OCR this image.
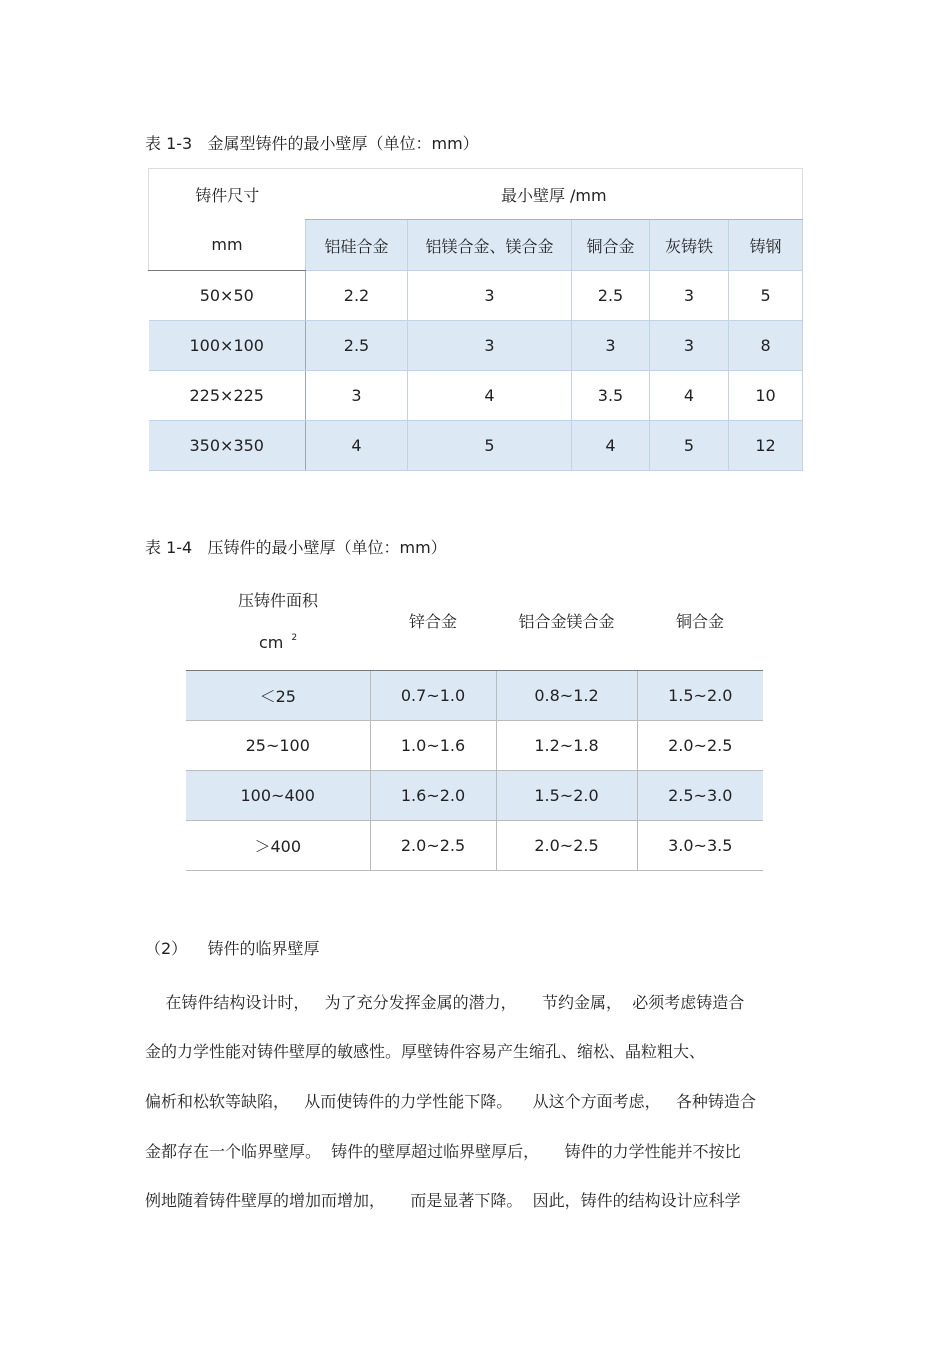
表 1-3   金属型铸件的最小壁厚（单位：mm）
铸件尺寸	最小壁厚 /mm				
mm	铝硅合金	铝镁合金、镁合金	铜合金	灰铸铁	铸钢
50×50	2.2	3	2.5	3	5
100×100	2.5	3	3	3	8
225×225	3	4	3.5	4	10
350×350	4	5	4	5	12
表 1-4   压铸件的最小壁厚（单位：mm）
压铸件面积
cm $^2$	锌合金	铝合金镁合金	铜合金
＜25	0.7~1.0	0.8~1.2	1.5~2.0
25~100	1.0~1.6	1.2~1.8	2.0~2.5
100~400	1.6~2.0	1.5~2.0	2.5~3.0
＞400	2.0~2.5	2.0~2.5	3.0~3.5
（2）    铸件的临界壁厚
在铸件结构设计时，   为了充分发挥金属的潜力，     节约金属，  必须考虑铸造合
金的力学性能对铸件壁厚的敏感性。厚壁铸件容易产生缩孔、缩松、晶粒粗大、
偏析和松软等缺陷，   从而使铸件的力学性能下降。    从这个方面考虑，   各种铸造合
金都存在一个临界壁厚。  铸件的壁厚超过临界壁厚后，     铸件的力学性能并不按比
例地随着铸件壁厚的增加而增加，     而是显著下降。  因此，铸件的结构设计应科学
